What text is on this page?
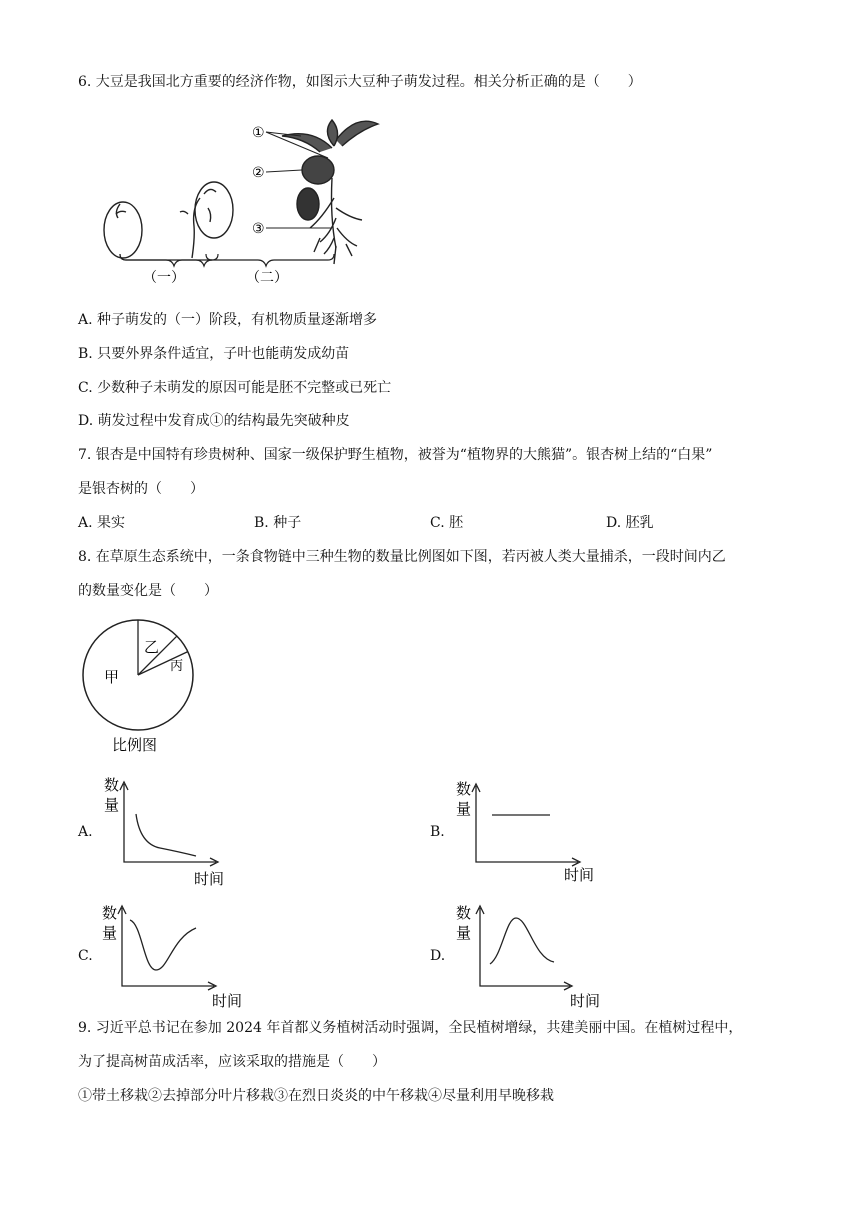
6. 大豆是我国北方重要的经济作物，如图示大豆种子萌发过程。相关分析正确的是（　　）
①
②
③
（一）	（二）
A. 种子萌发的（一）阶段，有机物质量逐渐增多
B. 只要外界条件适宜，子叶也能萌发成幼苗
C. 少数种子未萌发的原因可能是胚不完整或已死亡
D. 萌发过程中发育成①的结构最先突破种皮
7. 银杏是中国特有珍贵树种、国家一级保护野生植物，被誉为“植物界的大熊猫”。银杏树上结的“白果”
是银杏树的（　　）
A. 果实	B. 种子	C. 胚	D. 胚乳
8. 在草原生态系统中，一条食物链中三种生物的数量比例图如下图，若丙被人类大量捕杀，一段时间内乙
的数量变化是（　　）
甲
乙
丙
比例图
A.
数
量
时间
B.
数
量
时间
C.
数
量
时间
D.
数
量
时间
9. 习近平总书记在参加 2024 年首都义务植树活动时强调，全民植树增绿，共建美丽中国。在植树过程中，
为了提高树苗成活率，应该采取的措施是（　　）
①带土移栽②去掉部分叶片移栽③在烈日炎炎的中午移栽④尽量利用早晚移栽
